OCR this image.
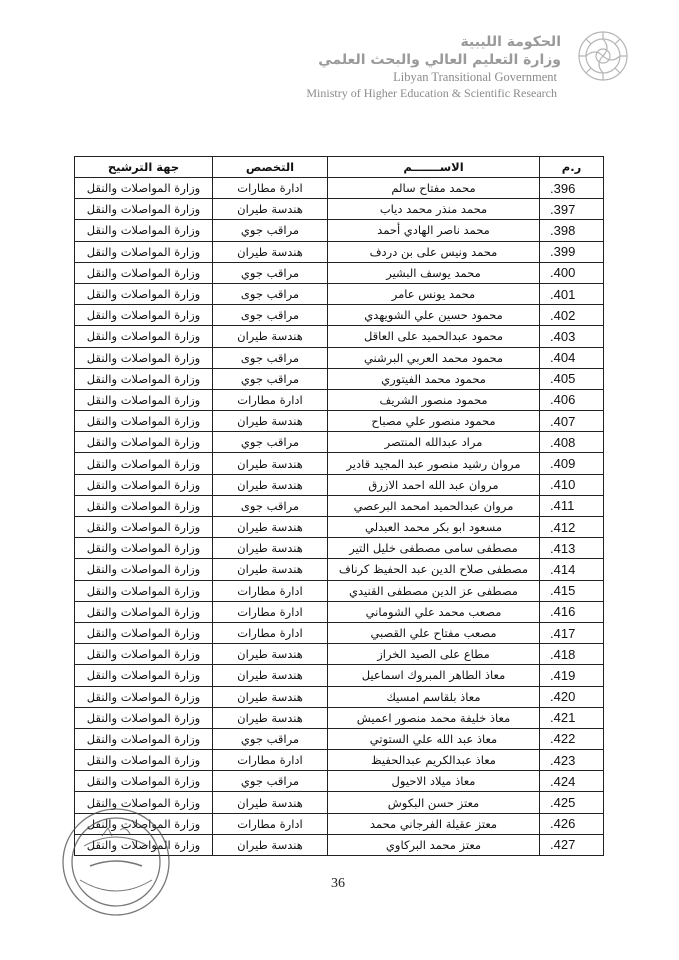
الحكومة الليبية
وزارة التعليم العالي والبحث العلمي
Libyan Transitional Government
Ministry of Higher Education & Scientific Research
ر.م	الاســـــــم	التخصص	جهة الترشيح
.396	محمد مفتاح سالم	ادارة مطارات	وزارة المواصلات والنقل
.397	محمد منذر محمد دياب	هندسة طيران	وزارة المواصلات والنقل
.398	محمد ناصر الهادي أحمد	مراقب جوي	وزارة المواصلات والنقل
.399	محمد ونيس على بن دردف	هندسة طيران	وزارة المواصلات والنقل
.400	محمد يوسف البشير	مراقب جوي	وزارة المواصلات والنقل
.401	محمد يونس عامر	مراقب جوى	وزارة المواصلات والنقل
.402	محمود حسين علي الشويهدي	مراقب جوى	وزارة المواصلات والنقل
.403	محمود عبدالحميد على العاقل	هندسة طيران	وزارة المواصلات والنقل
.404	محمود محمد العربي البرشني	مراقب جوى	وزارة المواصلات والنقل
.405	محمود محمد الفيتوري	مراقب جوي	وزارة المواصلات والنقل
.406	محمود منصور الشريف	ادارة مطارات	وزارة المواصلات والنقل
.407	محمود منصور علي مصباح	هندسة طيران	وزارة المواصلات والنقل
.408	مراد عبدالله المنتصر	مراقب جوي	وزارة المواصلات والنقل
.409	مروان رشيد منصور عبد المجيد قادير	هندسة طيران	وزارة المواصلات والنقل
.410	مروان عبد الله احمد الازرق	هندسة طيران	وزارة المواصلات والنقل
.411	مروان عبدالحميد امحمد البرعصي	مراقب جوى	وزارة المواصلات والنقل
.412	مسعود ابو بكر محمد العبدلي	هندسة طيران	وزارة المواصلات والنقل
.413	مصطفى سامى مصطفى خليل التير	هندسة طيران	وزارة المواصلات والنقل
.414	مصطفى صلاح الدين عبد الحفيظ كرناف	هندسة طيران	وزارة المواصلات والنقل
.415	مصطفى عز الدين مصطفى القنيدي	ادارة مطارات	وزارة المواصلات والنقل
.416	مصعب محمد علي الشوماني	ادارة مطارات	وزارة المواصلات والنقل
.417	مصعب مفتاح علي القصبي	ادارة مطارات	وزارة المواصلات والنقل
.418	مطاع على الصيد الخراز	هندسة طيران	وزارة المواصلات والنقل
.419	معاذ الطاهر المبروك اسماعيل	هندسة طيران	وزارة المواصلات والنقل
.420	معاذ بلقاسم امسيك	هندسة طيران	وزارة المواصلات والنقل
.421	معاذ خليفة محمد منصور اعميش	هندسة طيران	وزارة المواصلات والنقل
.422	معاذ عبد الله علي الستوتي	مراقب جوي	وزارة المواصلات والنقل
.423	معاذ عبدالكريم عبدالحفيظ	ادارة مطارات	وزارة المواصلات والنقل
.424	معاذ ميلاد الاحيول	مراقب جوي	وزارة المواصلات والنقل
.425	معتز حسن البكوش	هندسة طيران	وزارة المواصلات والنقل
.426	معتز عقيلة الفرجاني محمد	ادارة مطارات	وزارة المواصلات والنقل
.427	معتز محمد البركاوي	هندسة طيران	وزارة المواصلات والنقل
36
